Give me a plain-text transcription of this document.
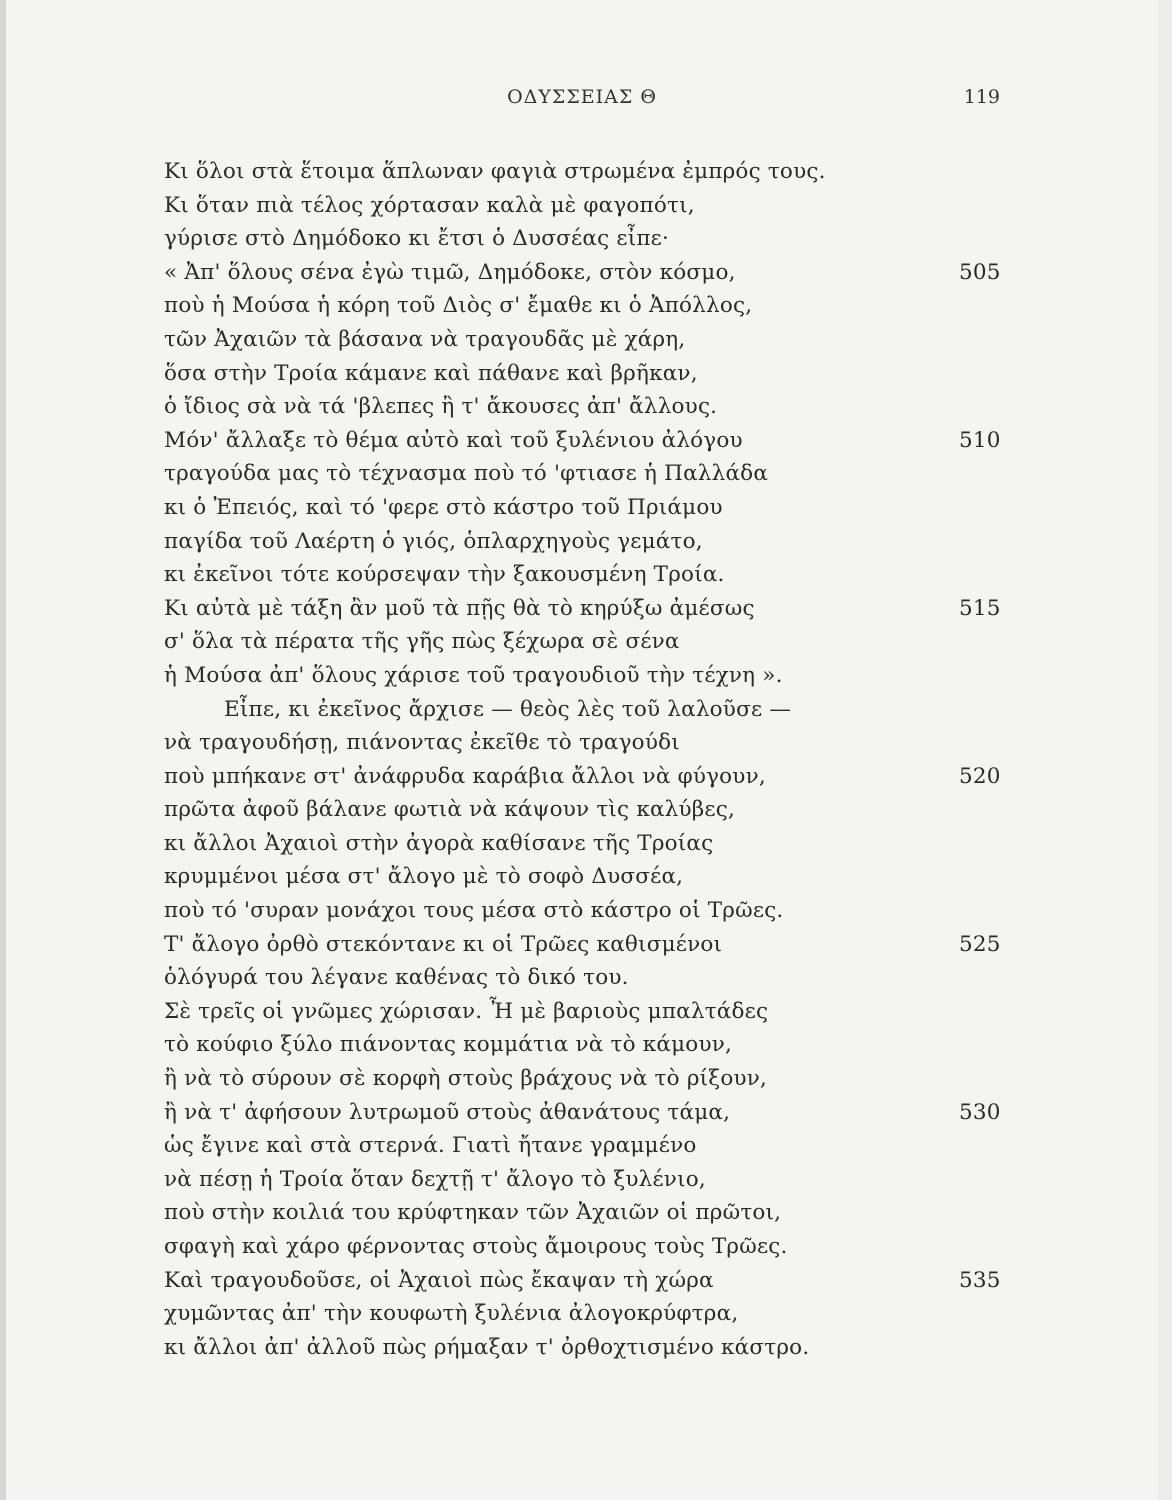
ΟΔΥΣΣΕΙΑΣ Θ	119
Κι ὅλοι στὰ ἕτοιμα ἅπλωναν φαγιὰ στρωμένα ἐμπρός τους.
Κι ὅταν πιὰ τέλος χόρτασαν καλὰ μὲ φαγοπότι,
γύρισε στὸ Δημόδοκο κι ἔτσι ὁ Δυσσέας εἶπε·
« Ἀπ' ὅλους σένα ἐγὼ τιμῶ, Δημόδοκε, στὸν κόσμο,	505
ποὺ ἡ Μούσα ἡ κόρη τοῦ Διὸς σ' ἔμαθε κι ὁ Ἀπόλλος,
τῶν Ἀχαιῶν τὰ βάσανα νὰ τραγουδᾶς μὲ χάρη,
ὅσα στὴν Τροία κάμανε καὶ πάθανε καὶ βρῆκαν,
ὁ ἴδιος σὰ νὰ τά 'βλεπες ἢ τ' ἄκουσες ἀπ' ἄλλους.
Μόν' ἄλλαξε τὸ θέμα αὐτὸ καὶ τοῦ ξυλένιου ἀλόγου	510
τραγούδα μας τὸ τέχνασμα ποὺ τό 'φτιασε ἡ Παλλάδα
κι ὁ Ἐπειός, καὶ τό 'φερε στὸ κάστρο τοῦ Πριάμου
παγίδα τοῦ Λαέρτη ὁ γιός, ὁπλαρχηγοὺς γεμάτο,
κι ἐκεῖνοι τότε κούρσεψαν τὴν ξακουσμένη Τροία.
Κι αὐτὰ μὲ τάξη ἂν μοῦ τὰ πῇς θὰ τὸ κηρύξω ἀμέσως	515
σ' ὅλα τὰ πέρατα τῆς γῆς πὼς ξέχωρα σὲ σένα
ἡ Μούσα ἀπ' ὅλους χάρισε τοῦ τραγουδιοῦ τὴν τέχνη ».
Εἶπε, κι ἐκεῖνος ἄρχισε — θεὸς λὲς τοῦ λαλοῦσε —
νὰ τραγουδήσῃ, πιάνοντας ἐκεῖθε τὸ τραγούδι
ποὺ μπήκανε στ' ἀνάφρυδα καράβια ἄλλοι νὰ φύγουν,	520
πρῶτα ἀφοῦ βάλανε φωτιὰ νὰ κάψουν τὶς καλύβες,
κι ἄλλοι Ἀχαιοὶ στὴν ἀγορὰ καθίσανε τῆς Τροίας
κρυμμένοι μέσα στ' ἄλογο μὲ τὸ σοφὸ Δυσσέα,
ποὺ τό 'συραν μονάχοι τους μέσα στὸ κάστρο οἱ Τρῶες.
Τ' ἄλογο ὀρθὸ στεκόντανε κι οἱ Τρῶες καθισμένοι	525
ὁλόγυρά του λέγανε καθένας τὸ δικό του.
Σὲ τρεῖς οἱ γνῶμες χώρισαν. Ἦ μὲ βαριοὺς μπαλτάδες
τὸ κούφιο ξύλο πιάνοντας κομμάτια νὰ τὸ κάμουν,
ἢ νὰ τὸ σύρουν σὲ κορφὴ στοὺς βράχους νὰ τὸ ρίξουν,
ἢ νὰ τ' ἀφήσουν λυτρωμοῦ στοὺς ἀθανάτους τάμα,	530
ὡς ἔγινε καὶ στὰ στερνά. Γιατὶ ἤτανε γραμμένο
νὰ πέσῃ ἡ Τροία ὅταν δεχτῇ τ' ἄλογο τὸ ξυλένιο,
ποὺ στὴν κοιλιά του κρύφτηκαν τῶν Ἀχαιῶν οἱ πρῶτοι,
σφαγὴ καὶ χάρο φέρνοντας στοὺς ἄμοιρους τοὺς Τρῶες.
Καὶ τραγουδοῦσε, οἱ Ἀχαιοὶ πὼς ἔκαψαν τὴ χώρα	535
χυμῶντας ἀπ' τὴν κουφωτὴ ξυλένια ἀλογοκρύφτρα,
κι ἄλλοι ἀπ' ἀλλοῦ πὼς ρήμαξαν τ' ὀρθοχτισμένο κάστρο.
